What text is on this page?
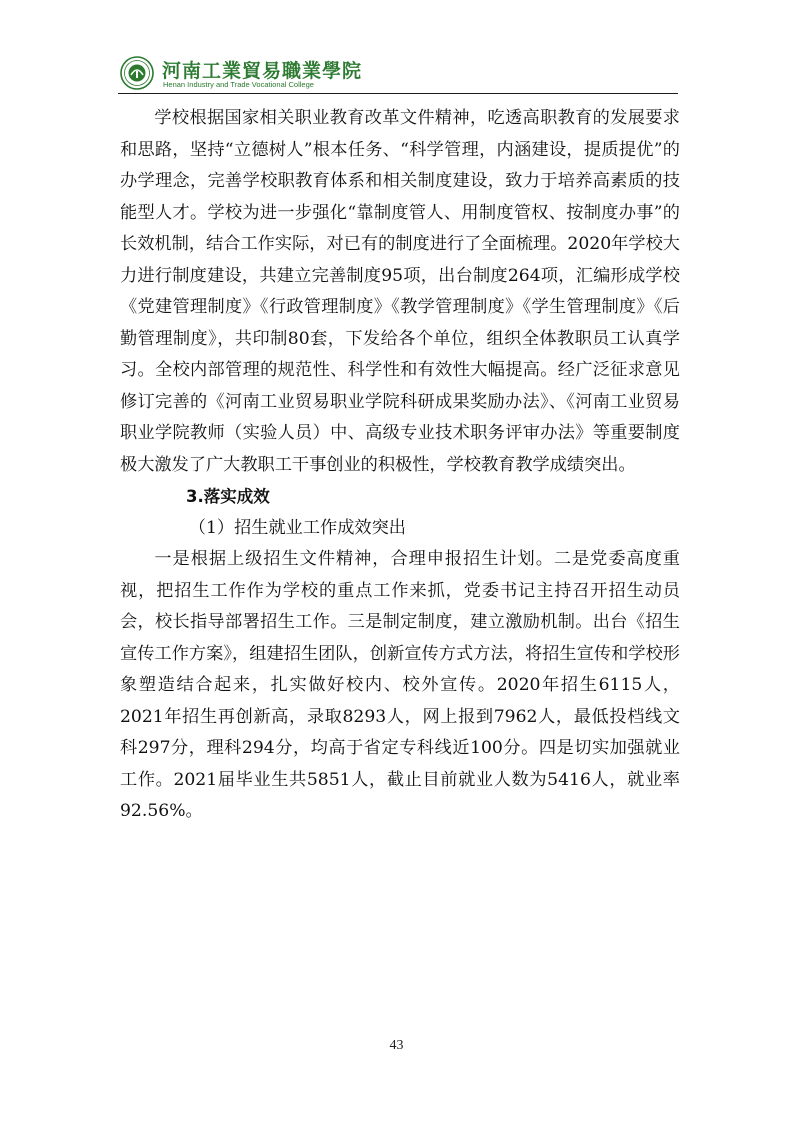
河南工業貿易職業學院
Henan Industry and Trade Vocational College

学校根据国家相关职业教育改革文件精神，吃透高职教育的发展要求和思路，坚持“立德树人”根本任务、“科学管理，内涵建设，提质提优”的办学理念，完善学校职教育体系和相关制度建设，致力于培养高素质的技能型人才。学校为进一步强化“靠制度管人、用制度管权、按制度办事”的长效机制，结合工作实际，对已有的制度进行了全面梳理。2020年学校大力进行制度建设，共建立完善制度95项，出台制度264项，汇编形成学校《党建管理制度》《行政管理制度》《教学管理制度》《学生管理制度》《后勤管理制度》，共印制80套，下发给各个单位，组织全体教职员工认真学习。全校内部管理的规范性、科学性和有效性大幅提高。经广泛征求意见修订完善的《河南工业贸易职业学院科研成果奖励办法》、《河南工业贸易职业学院教师（实验人员）中、高级专业技术职务评审办法》等重要制度极大激发了广大教职工干事创业的积极性，学校教育教学成绩突出。

3.落实成效

（1）招生就业工作成效突出

一是根据上级招生文件精神，合理申报招生计划。二是党委高度重视，把招生工作作为学校的重点工作来抓，党委书记主持召开招生动员会，校长指导部署招生工作。三是制定制度，建立激励机制。出台《招生宣传工作方案》，组建招生团队，创新宣传方式方法，将招生宣传和学校形象塑造结合起来，扎实做好校内、校外宣传。2020年招生6115人，2021年招生再创新高，录取8293人，网上报到7962人，最低投档线文科297分，理科294分，均高于省定专科线近100分。四是切实加强就业工作。2021届毕业生共5851人，截止目前就业人数为5416人，就业率92.56%。

43
